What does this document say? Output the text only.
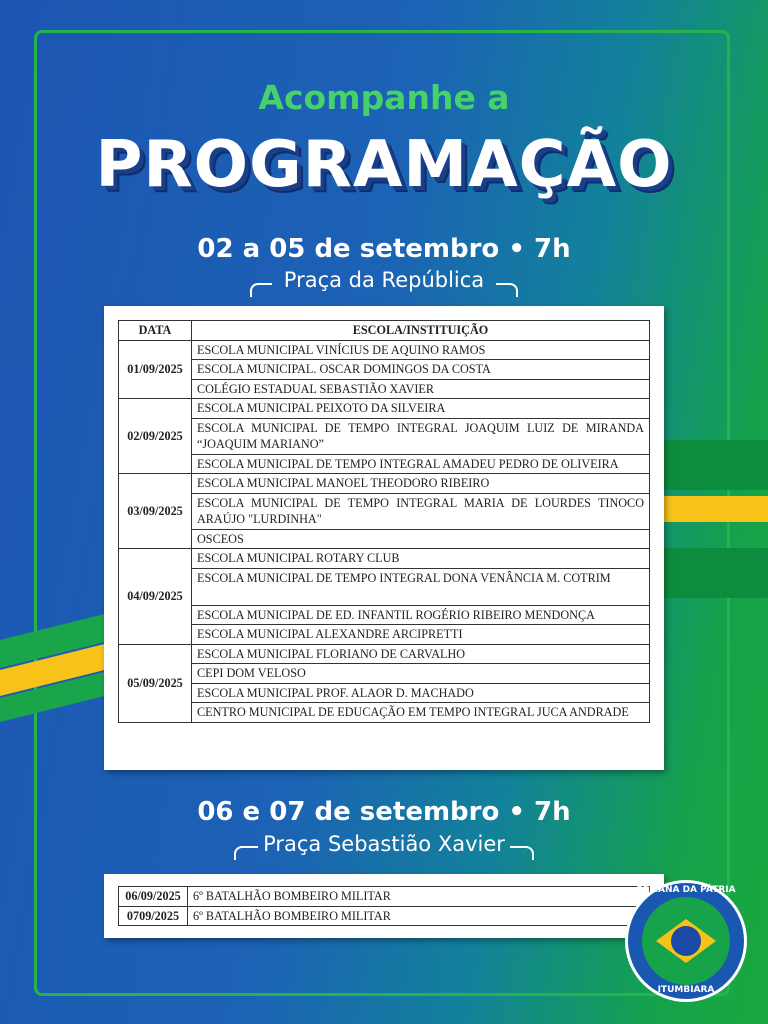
Acompanhe a
PROGRAMAÇÃO
02 a 05 de setembro • 7h
Praça da República
DATA	ESCOLA/INSTITUIÇÃO
01/09/2025	ESCOLA MUNICIPAL VINÍCIUS DE AQUINO RAMOS
	ESCOLA MUNICIPAL. OSCAR DOMINGOS DA COSTA
	COLÉGIO ESTADUAL SEBASTIÃO XAVIER
02/09/2025	ESCOLA MUNICIPAL PEIXOTO DA SILVEIRA
	ESCOLA MUNICIPAL DE TEMPO INTEGRAL JOAQUIM LUIZ DE MIRANDA “JOAQUIM MARIANO”
	ESCOLA MUNICIPAL DE TEMPO INTEGRAL AMADEU PEDRO DE OLIVEIRA
03/09/2025	ESCOLA MUNICIPAL MANOEL THEODORO RIBEIRO
	ESCOLA MUNICIPAL DE TEMPO INTEGRAL MARIA DE LOURDES TINOCO ARAÚJO "LURDINHA"
	OSCEOS
04/09/2025	ESCOLA MUNICIPAL ROTARY CLUB
	ESCOLA MUNICIPAL DE TEMPO INTEGRAL DONA VENÂNCIA M. COTRIM
	ESCOLA MUNICIPAL DE ED. INFANTIL ROGÉRIO RIBEIRO MENDONÇA
	ESCOLA MUNICIPAL ALEXANDRE ARCIPRETTI
05/09/2025	ESCOLA MUNICIPAL FLORIANO DE CARVALHO
	CEPI DOM VELOSO
	ESCOLA MUNICIPAL PROF. ALAOR D. MACHADO
	CENTRO MUNICIPAL DE EDUCAÇÃO EM TEMPO INTEGRAL JUCA ANDRADE
06 e 07 de setembro • 7h
Praça Sebastião Xavier
06/09/2025	6º BATALHÃO BOMBEIRO MILITAR
0709/2025	6º BATALHÃO BOMBEIRO MILITAR
SEMANA DA PÁTRIA
ITUMBIARA
